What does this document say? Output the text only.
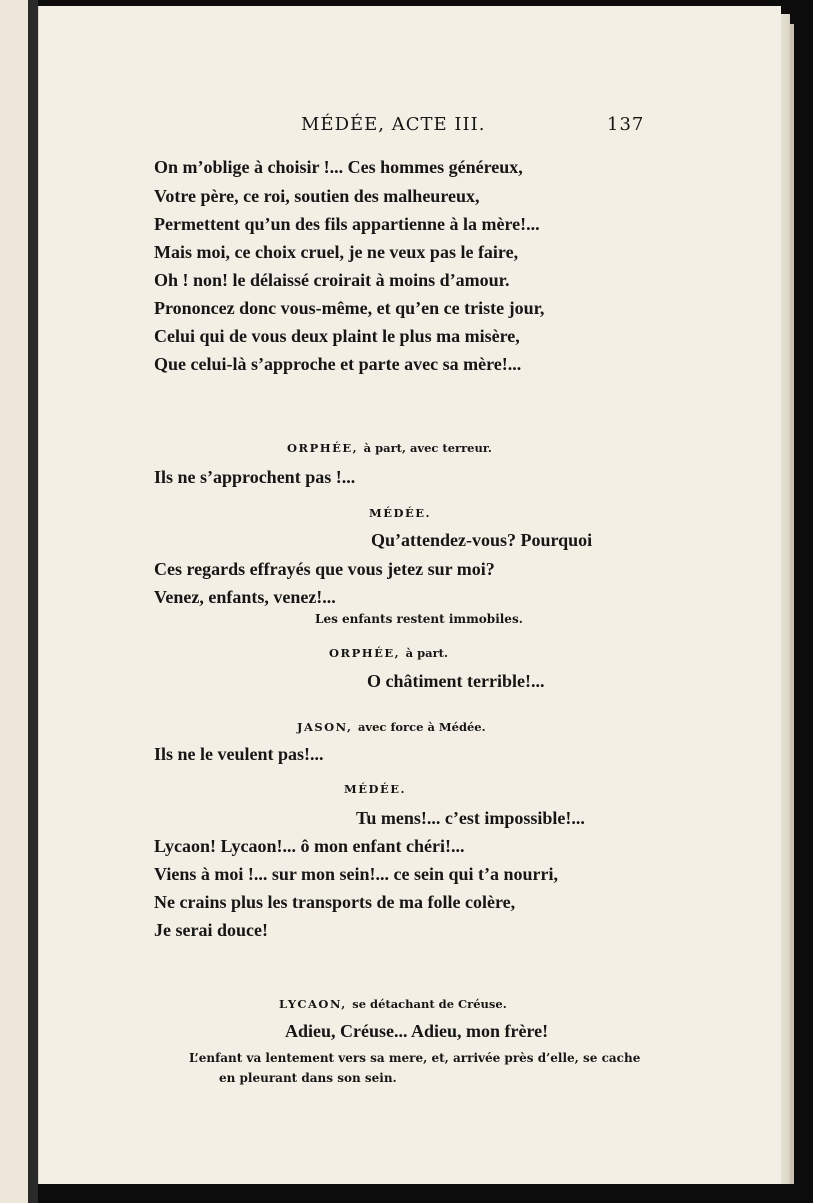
MÉDÉE, ACTE III.	137
On m’oblige à choisir !... Ces hommes généreux,
Votre père, ce roi, soutien des malheureux,
Permettent qu’un des fils appartienne à la mère!...
Mais moi, ce choix cruel, je ne veux pas le faire,
Oh ! non! le délaissé croirait à moins d’amour.
Prononcez donc vous-même, et qu’en ce triste jour,
Celui qui de vous deux plaint le plus ma misère,
Que celui-là s’approche et parte avec sa mère!...
ORPHÉE, à part, avec terreur.
Ils ne s’approchent pas !...
MÉDÉE.
Qu’attendez-vous? Pourquoi
Ces regards effrayés que vous jetez sur moi?
Venez, enfants, venez!...
Les enfants restent immobiles.
ORPHÉE, à part.
O châtiment terrible!...
JASON, avec force à Médée.
Ils ne le veulent pas!...
MÉDÉE.
Tu mens!... c’est impossible!...
Lycaon! Lycaon!... ô mon enfant chéri!...
Viens à moi !... sur mon sein!... ce sein qui t’a nourri,
Ne crains plus les transports de ma folle colère,
Je serai douce!
LYCAON, se détachant de Créuse.
Adieu, Créuse... Adieu, mon frère!
L’enfant va lentement vers sa mere, et, arrivée près d’elle, se cache
en pleurant dans son sein.
